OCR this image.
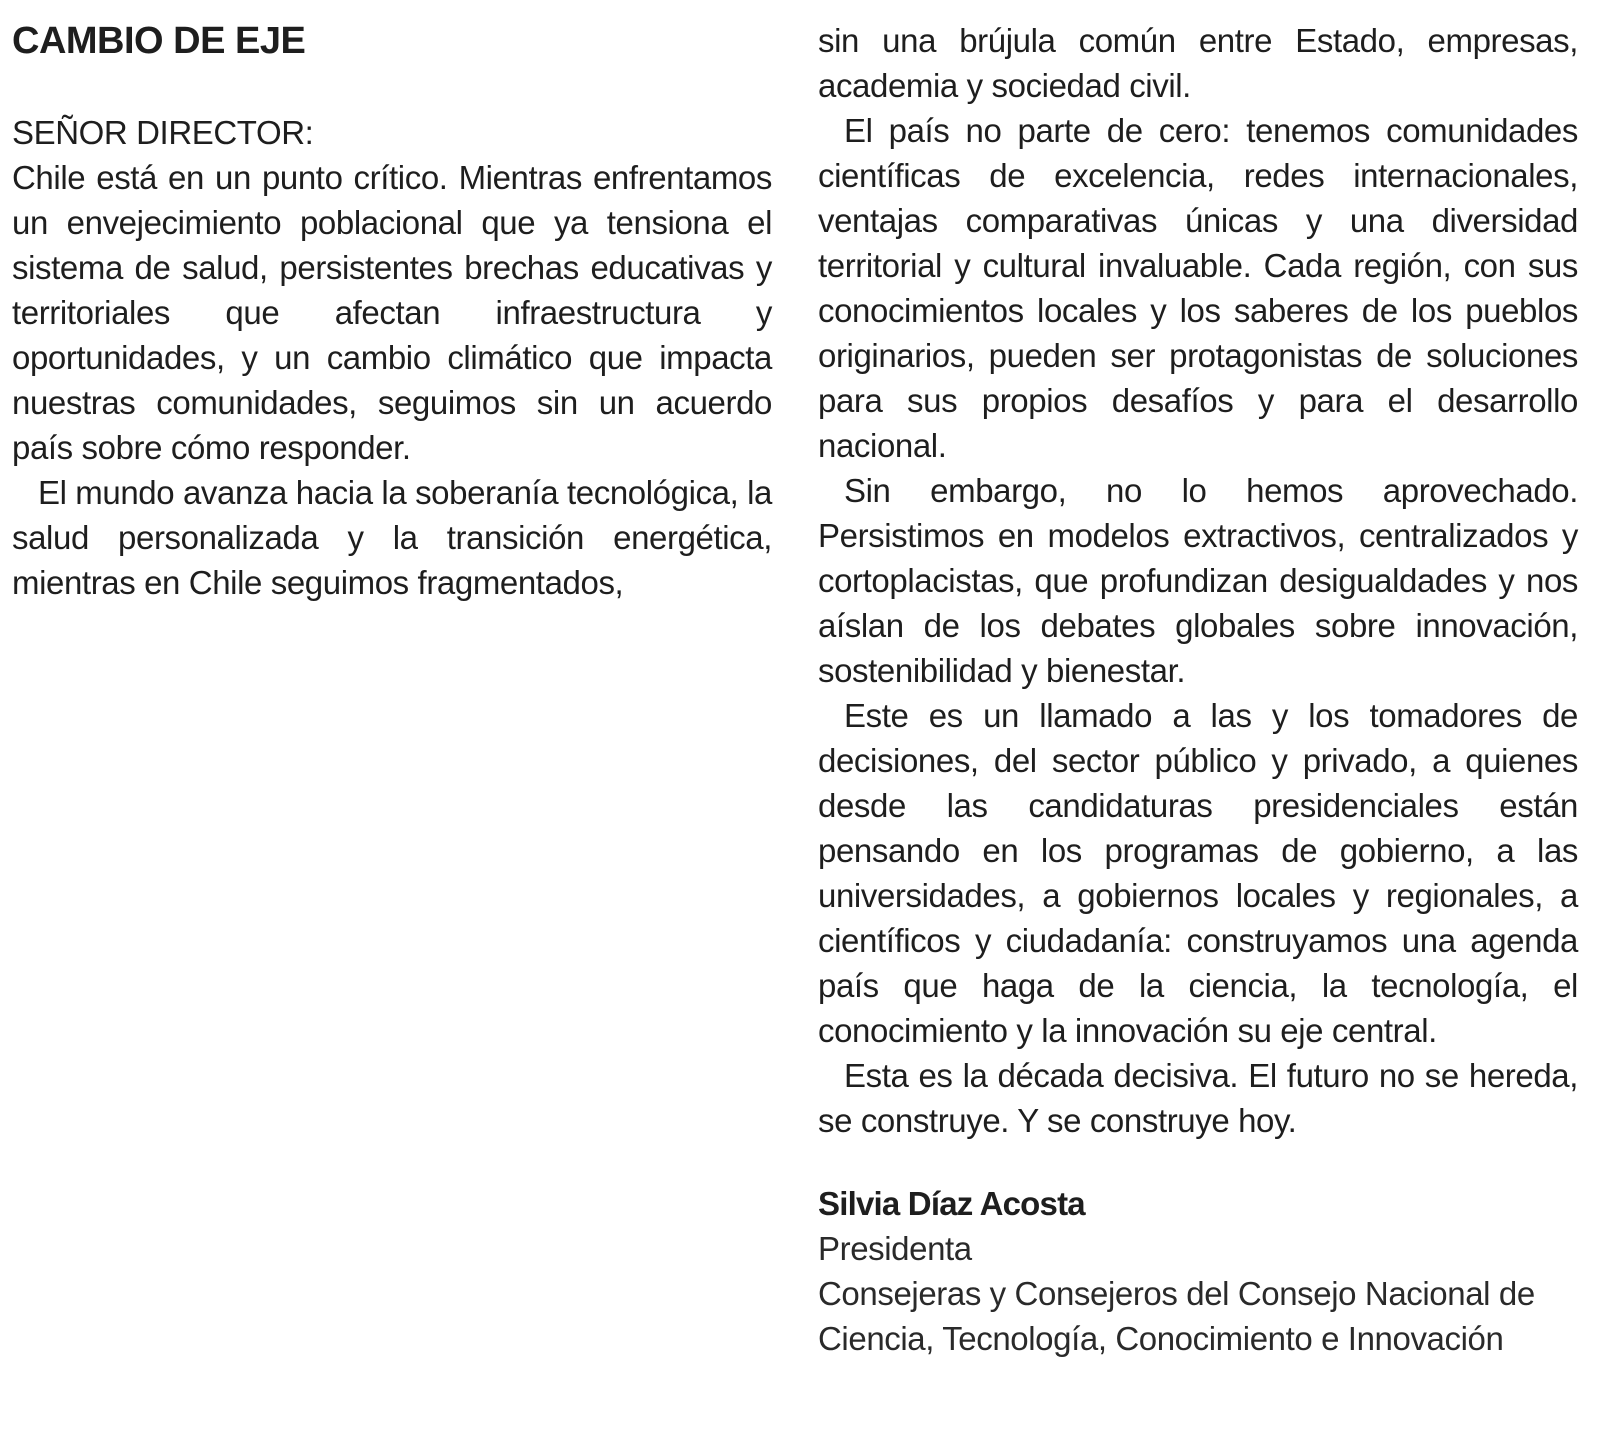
CAMBIO DE EJE
SEÑOR DIRECTOR:

Chile está en un punto crítico. Mientras enfrentamos un envejecimiento poblacional que ya tensiona el sistema de salud, persistentes brechas educativas y territoriales que afectan infraestructura y oportunidades, y un cambio climático que impacta nuestras comunidades, seguimos sin un acuerdo país sobre cómo responder.

El mundo avanza hacia la soberanía tecnológica, la salud personalizada y la transición energética, mientras en Chile seguimos fragmentados,

sin una brújula común entre Estado, empresas, academia y sociedad civil.

El país no parte de cero: tenemos comunidades científicas de excelencia, redes internacionales, ventajas comparativas únicas y una diversidad territorial y cultural invaluable. Cada región, con sus conocimientos locales y los saberes de los pueblos originarios, pueden ser protagonistas de soluciones para sus propios desafíos y para el desarrollo nacional.

Sin embargo, no lo hemos aprovechado. Persistimos en modelos extractivos, centralizados y cortoplacistas, que profundizan desigualdades y nos aíslan de los debates globales sobre innovación, sostenibilidad y bienestar.

Este es un llamado a las y los tomadores de decisiones, del sector público y privado, a quienes desde las candidaturas presidenciales están pensando en los programas de gobierno, a las universidades, a gobiernos locales y regionales, a científicos y ciudadanía: construyamos una agenda país que haga de la ciencia, la tecnología, el conocimiento y la innovación su eje central.

Esta es la década decisiva. El futuro no se hereda, se construye. Y se construye hoy.

Silvia Díaz Acosta
Presidenta
Consejeras y Consejeros del Consejo Nacional de Ciencia, Tecnología, Conocimiento e Innovación
